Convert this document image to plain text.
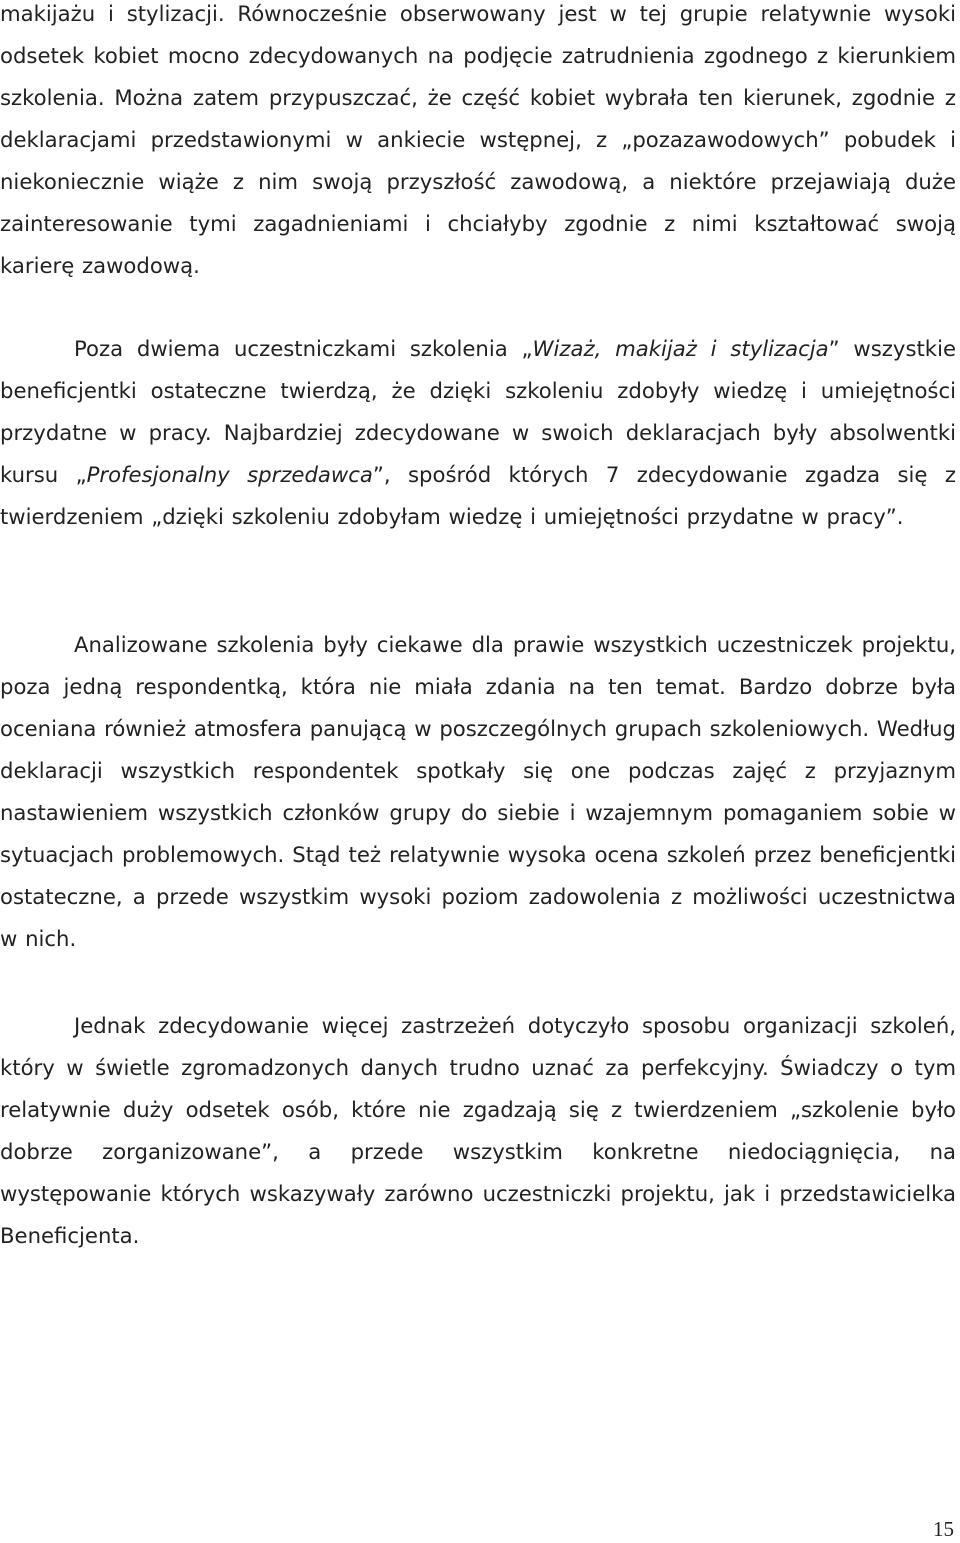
makijażu i stylizacji. Równocześnie obserwowany jest w tej grupie relatywnie wysoki odsetek kobiet mocno zdecydowanych na podjęcie zatrudnienia zgodnego z kierunkiem szkolenia. Można zatem przypuszczać, że część kobiet wybrała ten kierunek, zgodnie z deklaracjami przedstawionymi w ankiecie wstępnej, z „pozazawodowych” pobudek i niekoniecznie wiąże z nim swoją przyszłość zawodową, a niektóre przejawiają duże zainteresowanie tymi zagadnieniami i chciałyby zgodnie z nimi kształtować swoją karierę zawodową.

Poza dwiema uczestniczkami szkolenia „Wizaż, makijaż i stylizacja” wszystkie beneficjentki ostateczne twierdzą, że dzięki szkoleniu zdobyły wiedzę i umiejętności przydatne w pracy. Najbardziej zdecydowane w swoich deklaracjach były absolwentki kursu „Profesjonalny sprzedawca”, spośród których 7 zdecydowanie zgadza się z twierdzeniem „dzięki szkoleniu zdobyłam wiedzę i umiejętności przydatne w pracy”.

Analizowane szkolenia były ciekawe dla prawie wszystkich uczestniczek projektu, poza jedną respondentką, która nie miała zdania na ten temat. Bardzo dobrze była oceniana również atmosfera panującą w poszczególnych grupach szkoleniowych. Według deklaracji wszystkich respondentek spotkały się one podczas zajęć z przyjaznym nastawieniem wszystkich członków grupy do siebie i wzajemnym pomaganiem sobie w sytuacjach problemowych. Stąd też relatywnie wysoka ocena szkoleń przez beneficjentki ostateczne, a przede wszystkim wysoki poziom zadowolenia z możliwości uczestnictwa w nich.

Jednak zdecydowanie więcej zastrzeżeń dotyczyło sposobu organizacji szkoleń, który w świetle zgromadzonych danych trudno uznać za perfekcyjny. Świadczy o tym relatywnie duży odsetek osób, które nie zgadzają się z twierdzeniem „szkolenie było dobrze zorganizowane”, a przede wszystkim konkretne niedociągnięcia, na występowanie których wskazywały zarówno uczestniczki projektu, jak i przedstawicielka Beneficjenta.

15
